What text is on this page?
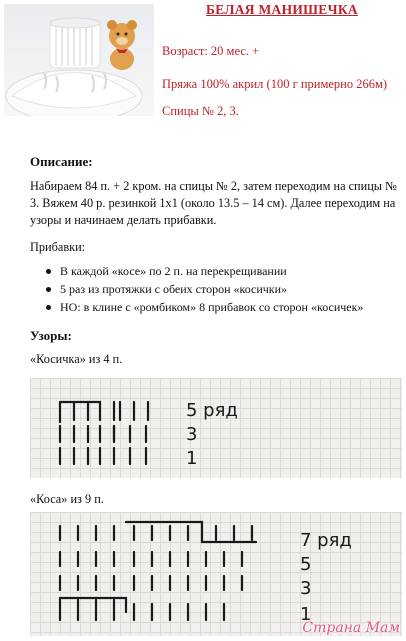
БЕЛАЯ МАНИШЕЧКА
Возраст: 20 мес. +
Пряжа 100% акрил (100 г примерно 266м)
Спицы № 2, 3.
Описание:
Набираем 84 п. + 2 кром. на спицы № 2, затем переходим на спицы № 3. Вяжем 40 р. резинкой 1х1 (около 13.5 – 14 см). Далее переходим на узоры и начинаем делать прибавки.
Прибавки:
В каждой «косе» по 2 п. на перекрещивании
5 раз из протяжки с обеих сторон «косички»
НО: в клине с «ромбиком» 8 прибавок со сторон «косичек»
Узоры:
«Косичка» из 4 п.
5 ряд
3
1
«Коса» из 9 п.
7 ряд
5
3
1
Страна Мам
